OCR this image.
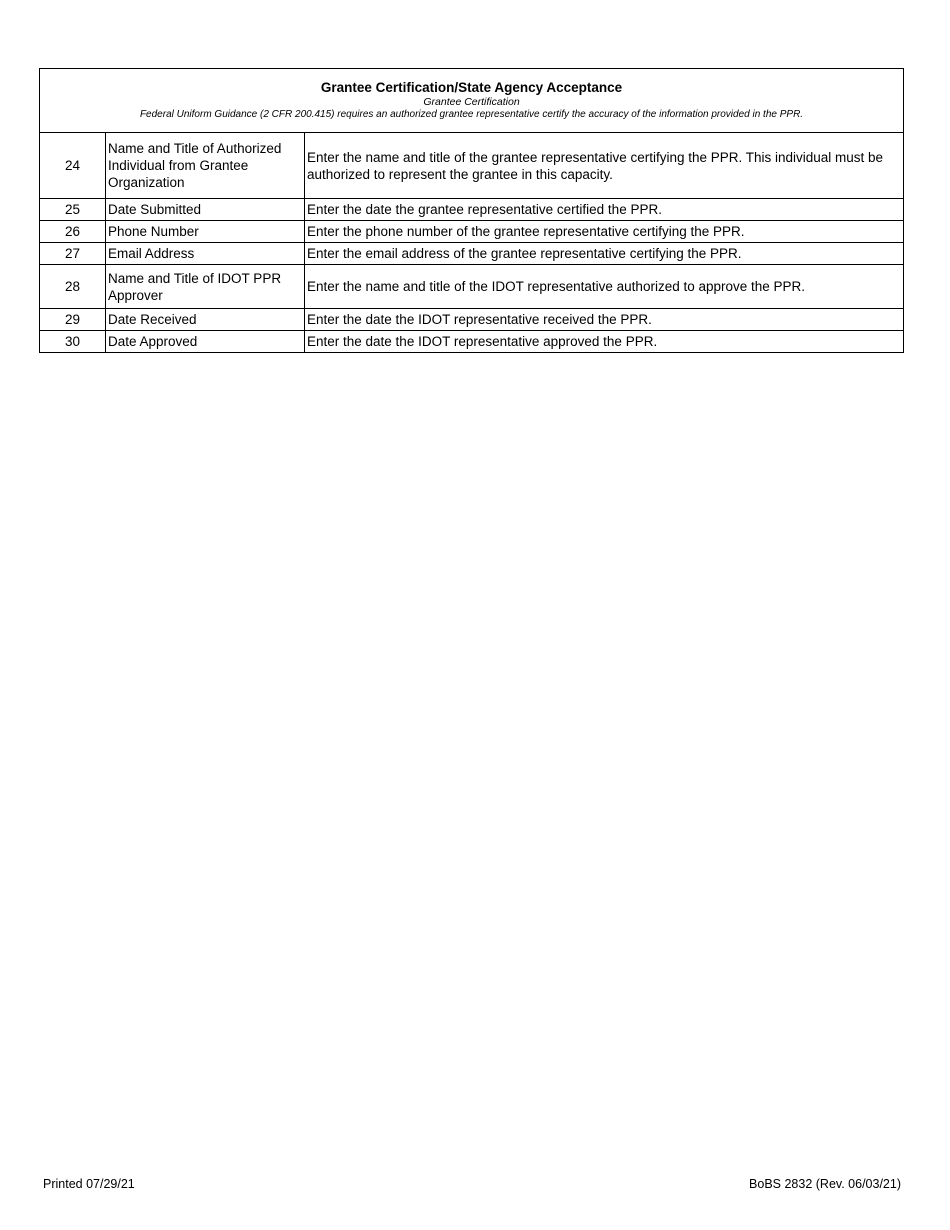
Grantee Certification/State Agency Acceptance
Grantee Certification
Federal Uniform Guidance (2 CFR 200.415) requires an authorized grantee representative certify the accuracy of the information provided in the PPR.		

24	Name and Title of Authorized Individual from Grantee Organization	Enter the name and title of the grantee representative certifying the PPR. This individual must be authorized to represent the grantee in this capacity.
25	Date Submitted	Enter the date the grantee representative certified the PPR.
26	Phone Number	Enter the phone number of the grantee representative certifying the PPR.
27	Email Address	Enter the email address of the grantee representative certifying the PPR.
28	Name and Title of IDOT PPR Approver	Enter the name and title of the IDOT representative authorized to approve the PPR.
29	Date Received	Enter the date the IDOT representative received the PPR.
30	Date Approved	Enter the date the IDOT representative approved the PPR.
Printed 07/29/21	BoBS 2832 (Rev. 06/03/21)
